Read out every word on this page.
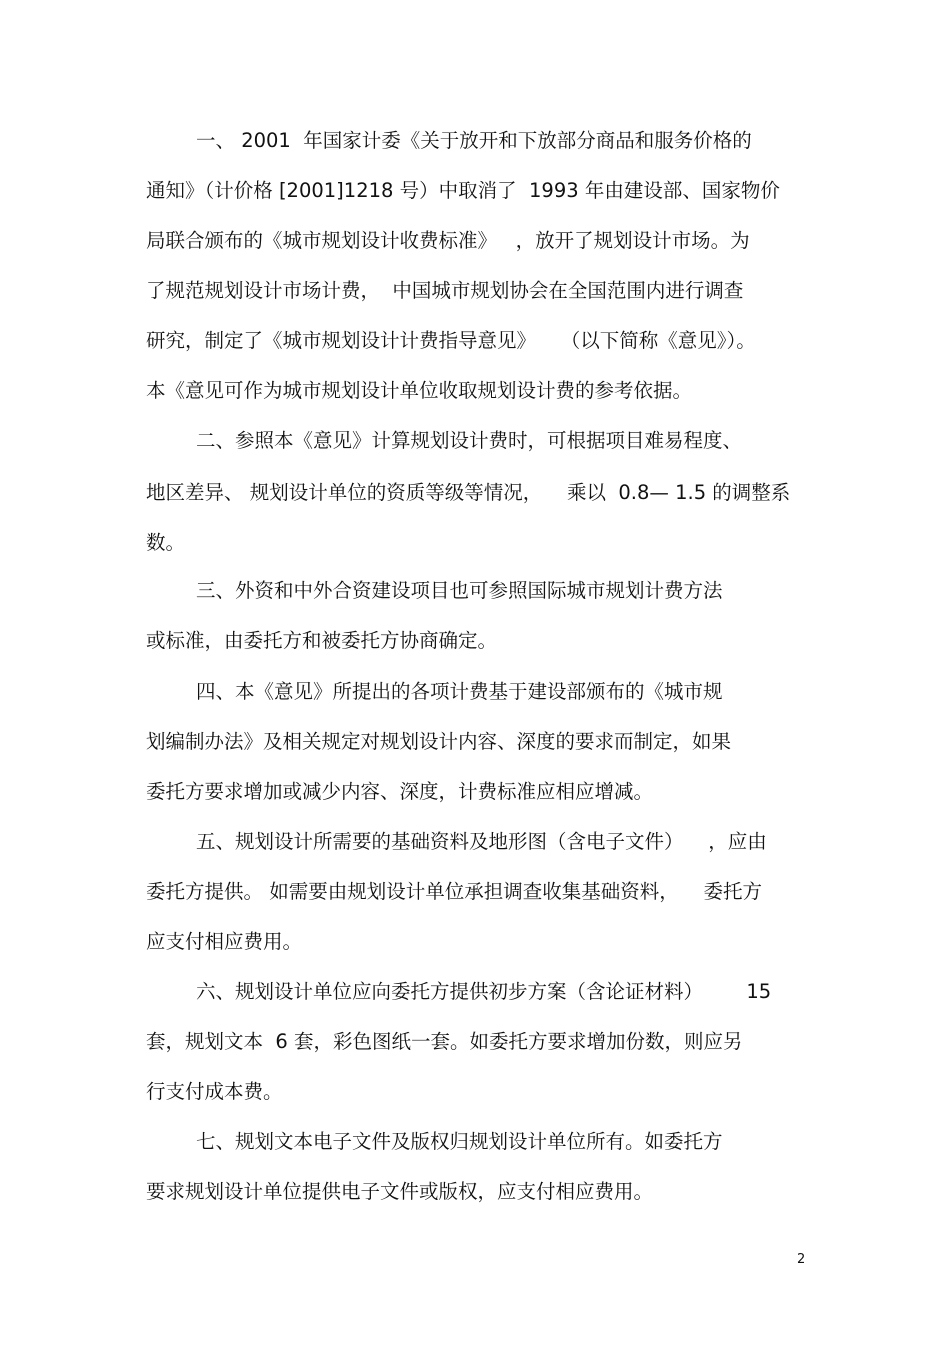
一、 2001  年国家计委《关于放开和下放部分商品和服务价格的
通知》（计价格 [2001]1218 号）中取消了  1993 年由建设部、国家物价
局联合颁布的《城市规划设计收费标准》   ，放开了规划设计市场。为
了规范规划设计市场计费，  中国城市规划协会在全国范围内进行调查
研究，制定了《城市规划设计计费指导意见》    （以下简称《意见》）。
本《意见可作为城市规划设计单位收取规划设计费的参考依据。
二、参照本《意见》计算规划设计费时，可根据项目难易程度、
地区差异、 规划设计单位的资质等级等情况，    乘以  0.8— 1.5 的调整系
数。
三、外资和中外合资建设项目也可参照国际城市规划计费方法
或标准，由委托方和被委托方协商确定。
四、本《意见》所提出的各项计费基于建设部颁布的《城市规
划编制办法》及相关规定对规划设计内容、深度的要求而制定，如果
委托方要求增加或减少内容、深度，计费标准应相应增减。
五、规划设计所需要的基础资料及地形图（含电子文件）    ，应由
委托方提供。 如需要由规划设计单位承担调查收集基础资料，    委托方
应支付相应费用。
六、规划设计单位应向委托方提供初步方案（含论证材料）       15
套，规划文本  6 套，彩色图纸一套。如委托方要求增加份数，则应另
行支付成本费。
七、规划文本电子文件及版权归规划设计单位所有。如委托方
要求规划设计单位提供电子文件或版权，应支付相应费用。
2
